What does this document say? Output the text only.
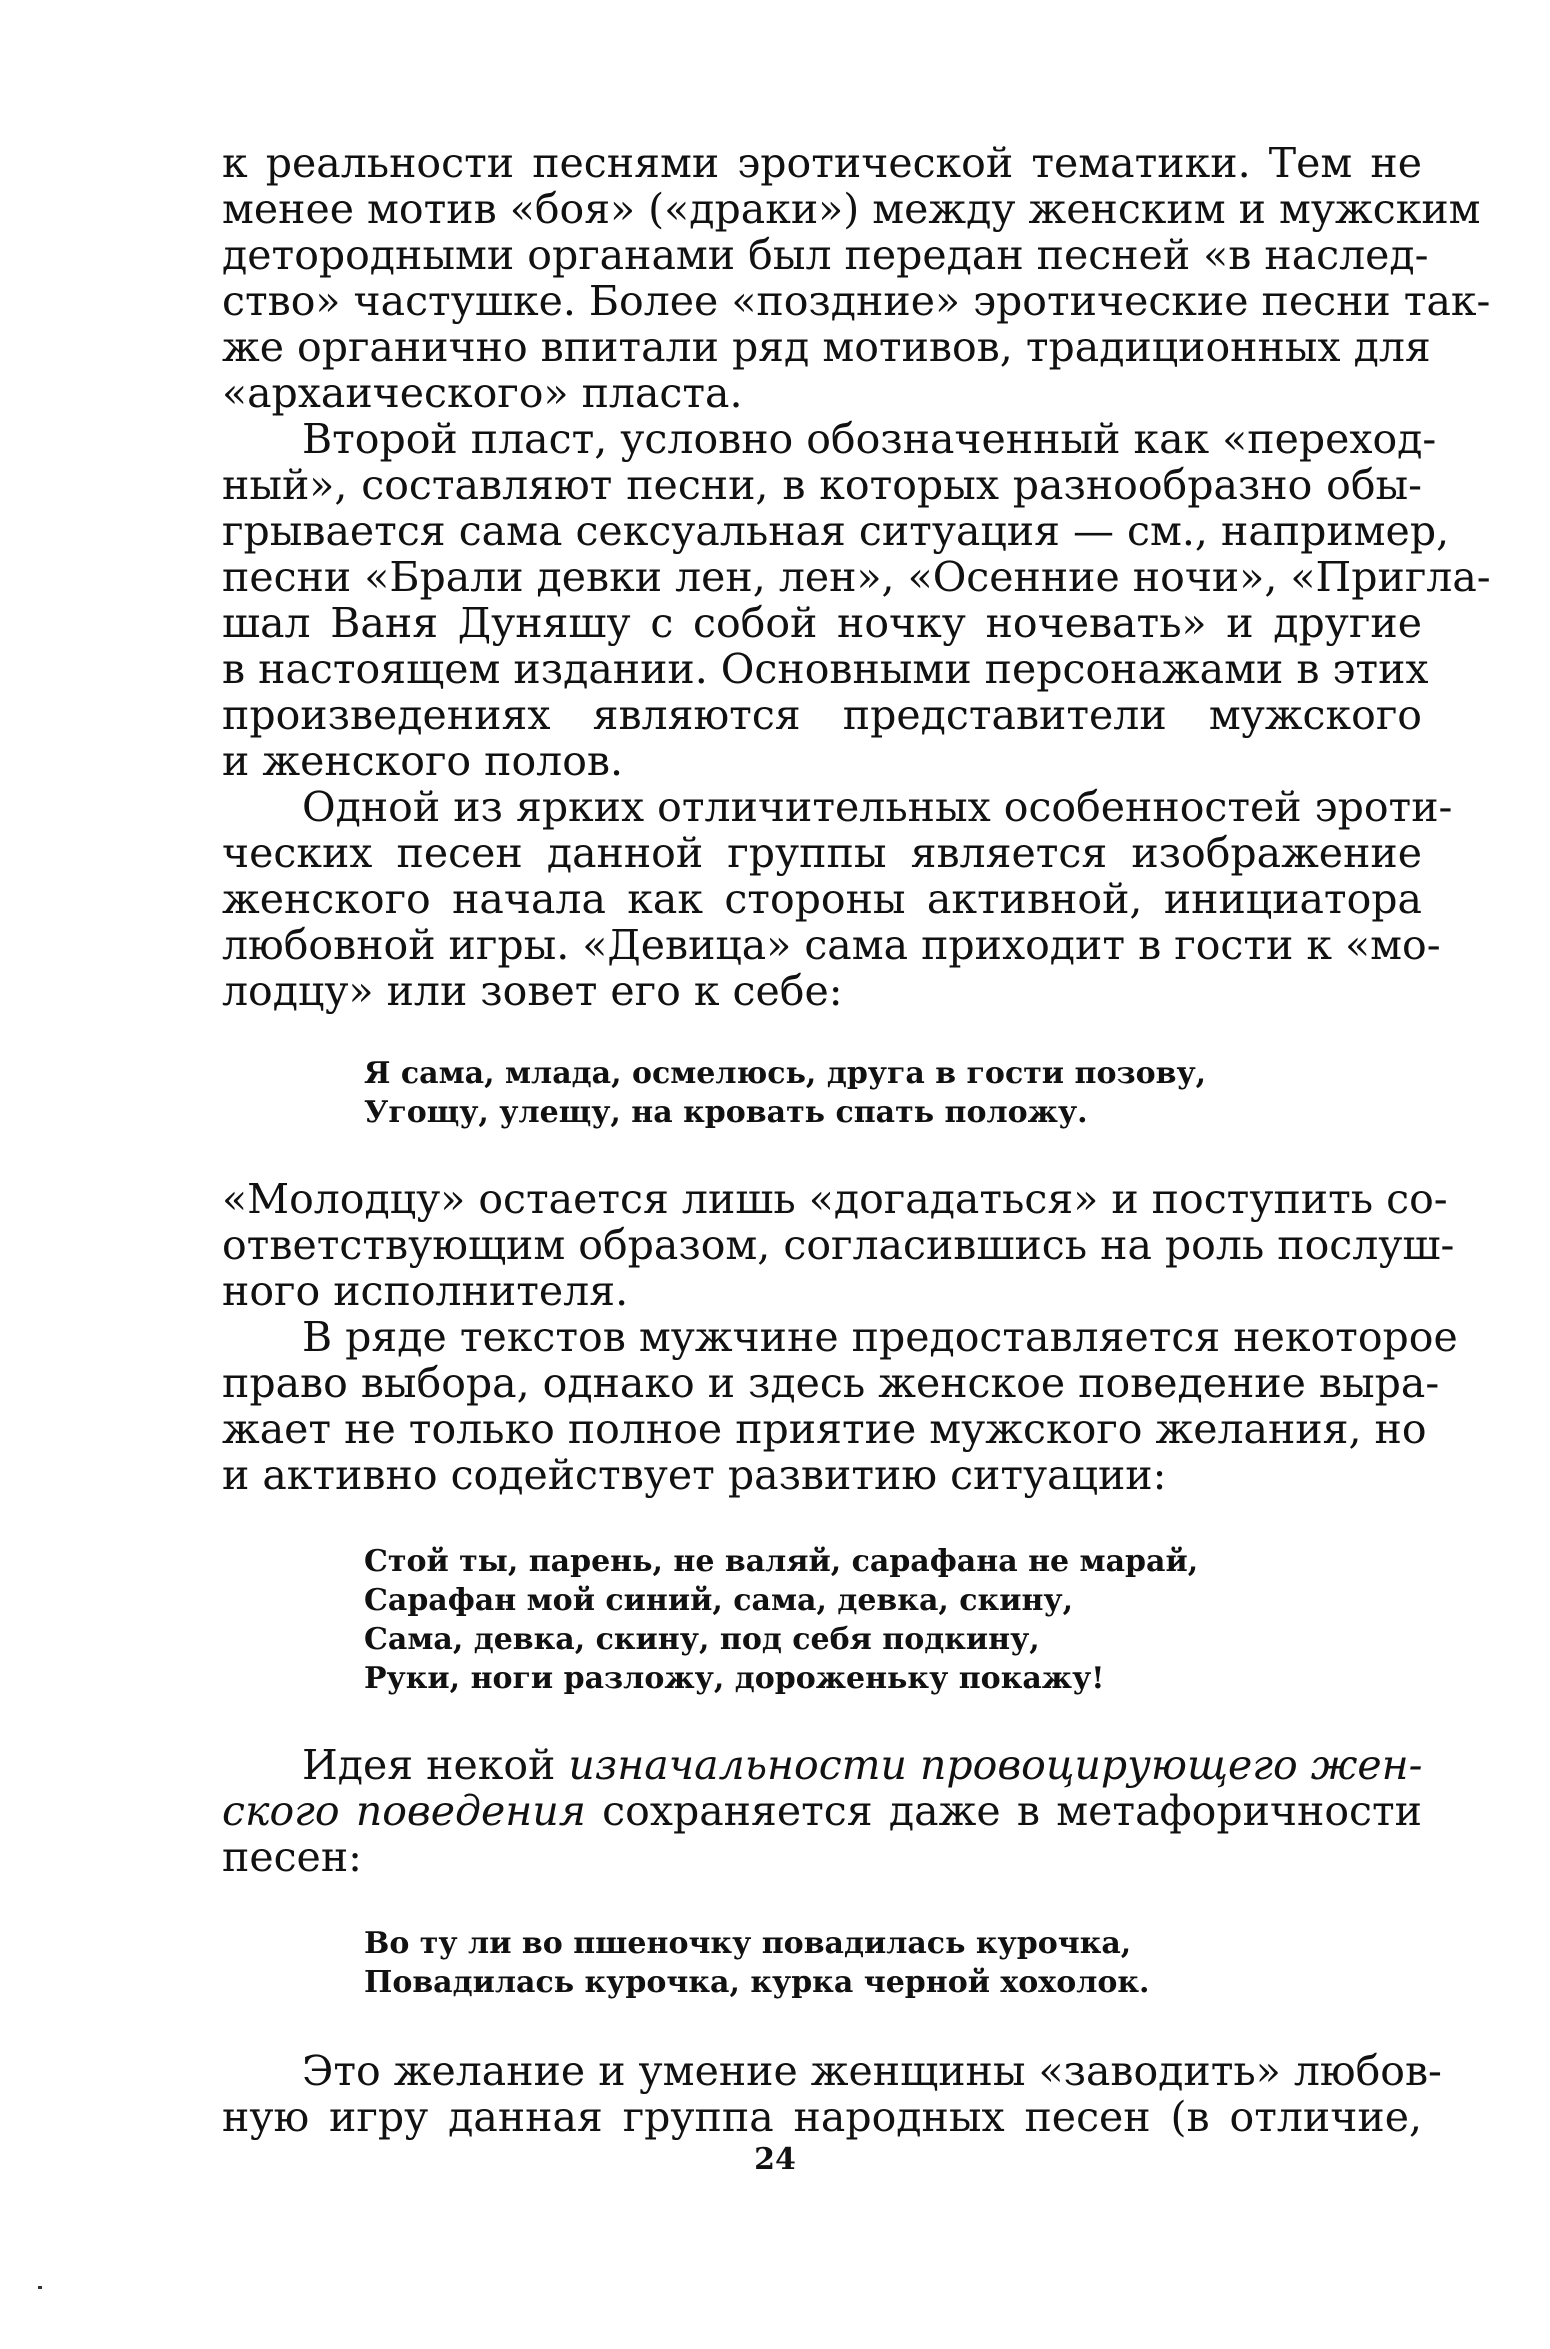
к реальности песнями эротической тематики. Тем не
менее мотив «боя» («драки») между женским и мужским
детородными органами был передан песней «в наслед-
ство» частушке. Более «поздние» эротические песни так-
же органично впитали ряд мотивов, традиционных для
«архаического» пласта.
Второй пласт, условно обозначенный как «переход-
ный», составляют песни, в которых разнообразно обы-
грывается сама сексуальная ситуация — см., например,
песни «Брали девки лен, лен», «Осенние ночи», «Пригла-
шал Ваня Дуняшу с собой ночку ночевать» и другие
в настоящем издании. Основными персонажами в этих
произведениях являются представители мужского
и женского полов.
Одной из ярких отличительных особенностей эроти-
ческих песен данной группы является изображение
женского начала как стороны активной, инициатора
любовной игры. «Девица» сама приходит в гости к «мо-
лодцу» или зовет его к себе:
Я сама, млада, осмелюсь, друга в гости позову,
Угощу, улещу, на кровать спать положу.
«Молодцу» остается лишь «догадаться» и поступить со-
ответствующим образом, согласившись на роль послуш-
ного исполнителя.
В ряде текстов мужчине предоставляется некоторое
право выбора, однако и здесь женское поведение выра-
жает не только полное приятие мужского желания, но
и активно содействует развитию ситуации:
Стой ты, парень, не валяй, сарафана не марай,
Сарафан мой синий, сама, девка, скину,
Сама, девка, скину, под себя подкину,
Руки, ноги разложу, дороженьку покажу!
Идея некой изначальности провоцирующего жен-
ского поведения сохраняется даже в метафоричности
песен:
Во ту ли во пшеночку повадилась курочка,
Повадилась курочка, курка черной хохолок.
Это желание и умение женщины «заводить» любов-
ную игру данная группа народных песен (в отличие,
24
